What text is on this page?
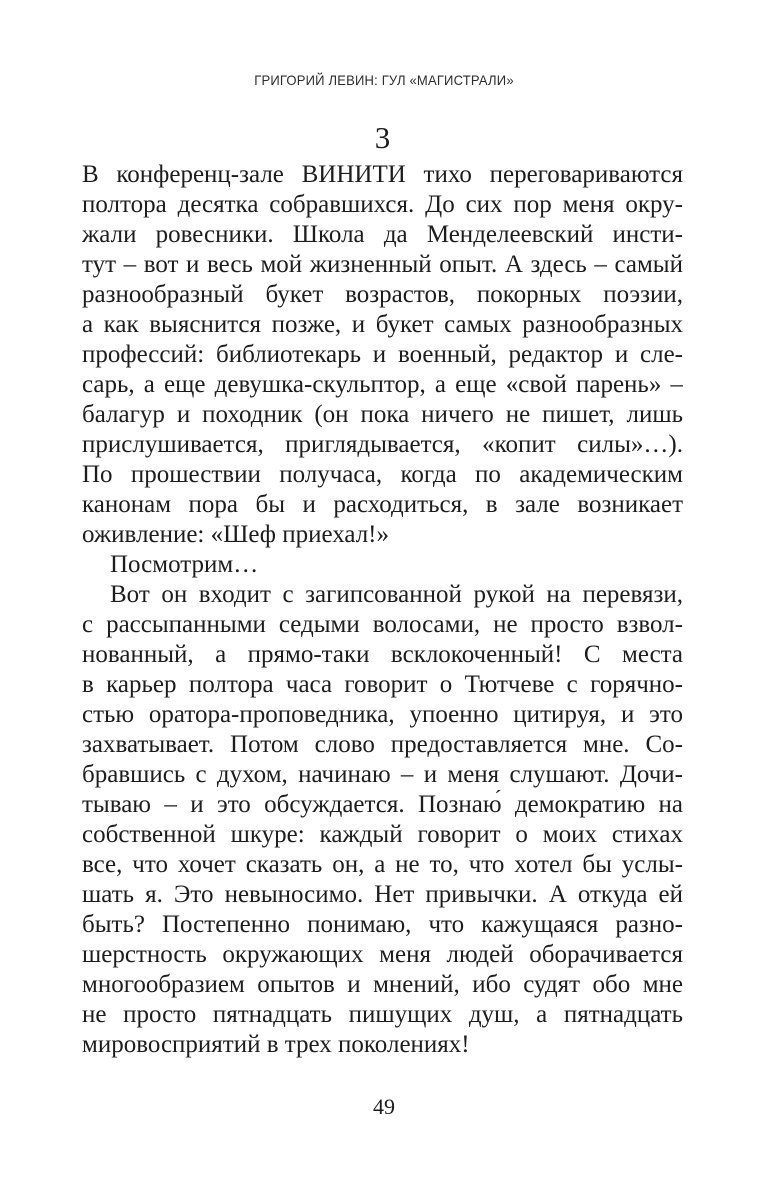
ГРИГОРИЙ ЛЕВИН: ГУЛ «МАГИСТРАЛИ»
3
В конференц-зале ВИНИТИ тихо переговариваются
полтора десятка собравшихся. До сих пор меня окру-
жали ровесники. Школа да Менделеевский инсти-
тут – вот и весь мой жизненный опыт. А здесь – самый
разнообразный букет возрастов, покорных поэзии,
а как выяснится позже, и букет самых разнообразных
профессий: библиотекарь и военный, редактор и сле-
сарь, а еще девушка-скульптор, а еще «свой парень» –
балагур и походник (он пока ничего не пишет, лишь
прислушивается, приглядывается, «копит силы»…).
По прошествии получаса, когда по академическим
канонам пора бы и расходиться, в зале возникает
оживление: «Шеф приехал!»
Посмотрим…
Вот он входит с загипсованной рукой на перевязи,
с рассыпанными седыми волосами, не просто взвол-
нованный, а прямо-таки всклокоченный! С места
в карьер полтора часа говорит о Тютчеве с горячно-
стью оратора-проповедника, упоенно цитируя, и это
захватывает. Потом слово предоставляется мне. Со-
бравшись с духом, начинаю – и меня слушают. Дочи-
тываю – и это обсуждается. Познаю́ демократию на
собственной шкуре: каждый говорит о моих стихах
все, что хочет сказать он, а не то, что хотел бы услы-
шать я. Это невыносимо. Нет привычки. А откуда ей
быть? Постепенно понимаю, что кажущаяся разно-
шерстность окружающих меня людей оборачивается
многообразием опытов и мнений, ибо судят обо мне
не просто пятнадцать пишущих душ, а пятнадцать
мировосприятий в трех поколениях!
49
